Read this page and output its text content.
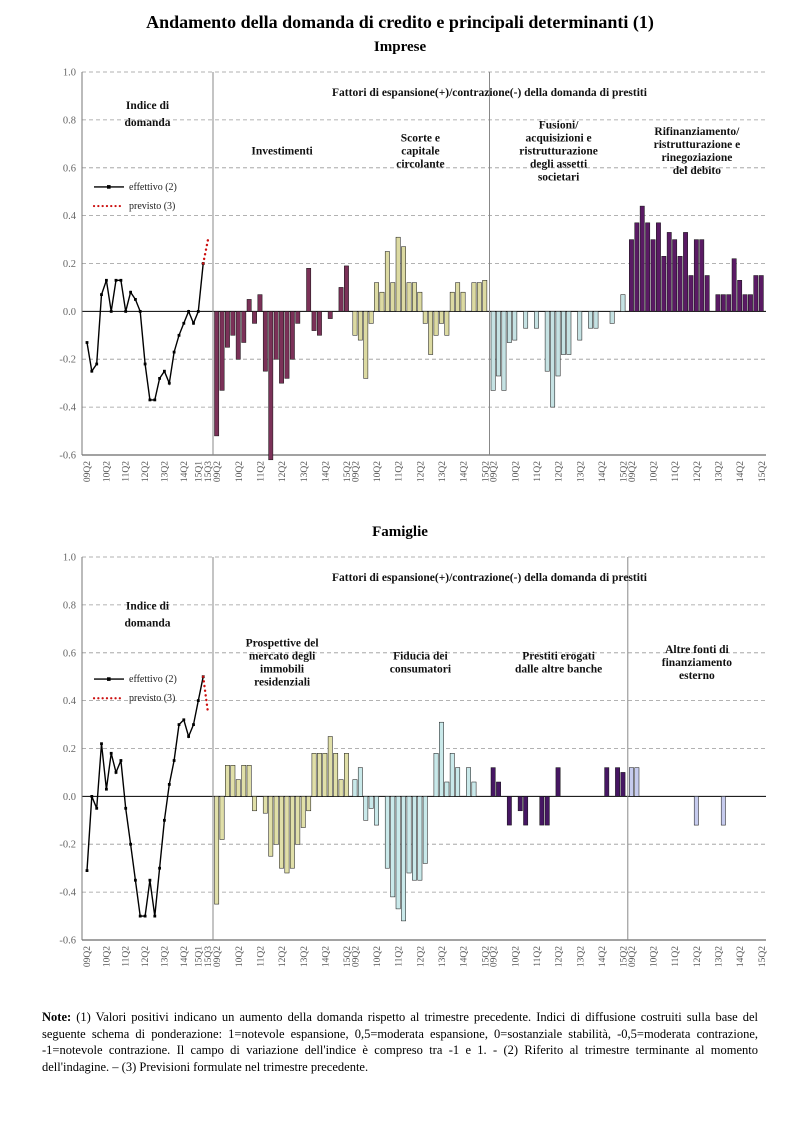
Andamento della domanda di credito e principali determinanti (1)
Imprese
1.0
0.8
0.6
0.4
0.2
0.0
-0.2
-0.4
-0.6
Fattori di espansione(+)/contrazione(-) della domanda di prestiti
Indice di
domanda
effettivo (2)
previsto (3)
09Q2 10Q2 11Q2 12Q2 13Q2 14Q2 15Q1 15Q3
Investimenti
09Q2 10Q2 11Q2 12Q2 13Q2 14Q2 15Q2
Scorte e
capitale
circolante
09Q2 10Q2 11Q2 12Q2 13Q2 14Q2 15Q2
Fusioni/
acquisizioni e
ristrutturazione
degli assetti
societari
09Q2 10Q2 11Q2 12Q2 13Q2 14Q2 15Q2
Rifinanziamento/
ristrutturazione e
rinegoziazione
del debito
09Q2 10Q2 11Q2 12Q2 13Q2 14Q2 15Q2
Famiglie
1.0
0.8
0.6
0.4
0.2
0.0
-0.2
-0.4
-0.6
Fattori di espansione(+)/contrazione(-) della domanda di prestiti
Indice di
domanda
effettivo (2)
previsto (3)
09Q2 10Q2 11Q2 12Q2 13Q2 14Q2 15Q1 15Q3
Prospettive del
mercato degli
immobili
residenziali
09Q2 10Q2 11Q2 12Q2 13Q2 14Q2 15Q2
Fiducia dei
consumatori
09Q2 10Q2 11Q2 12Q2 13Q2 14Q2 15Q2
Prestiti erogati
dalle altre banche
09Q2 10Q2 11Q2 12Q2 13Q2 14Q2 15Q2
Altre fonti di
finanziamento
esterno
09Q2 10Q2 11Q2 12Q2 13Q2 14Q2 15Q2

Note: (1) Valori positivi indicano un aumento della domanda rispetto al trimestre precedente. Indici di diffusione costruiti sulla base del seguente schema di ponderazione: 1=notevole espansione, 0,5=moderata espansione, 0=sostanziale stabilità, -0,5=moderata contrazione, -1=notevole contrazione. Il campo di variazione dell'indice è compreso tra -1 e 1. - (2) Riferito al trimestre terminante al momento dell'indagine. – (3) Previsioni formulate nel trimestre precedente.
